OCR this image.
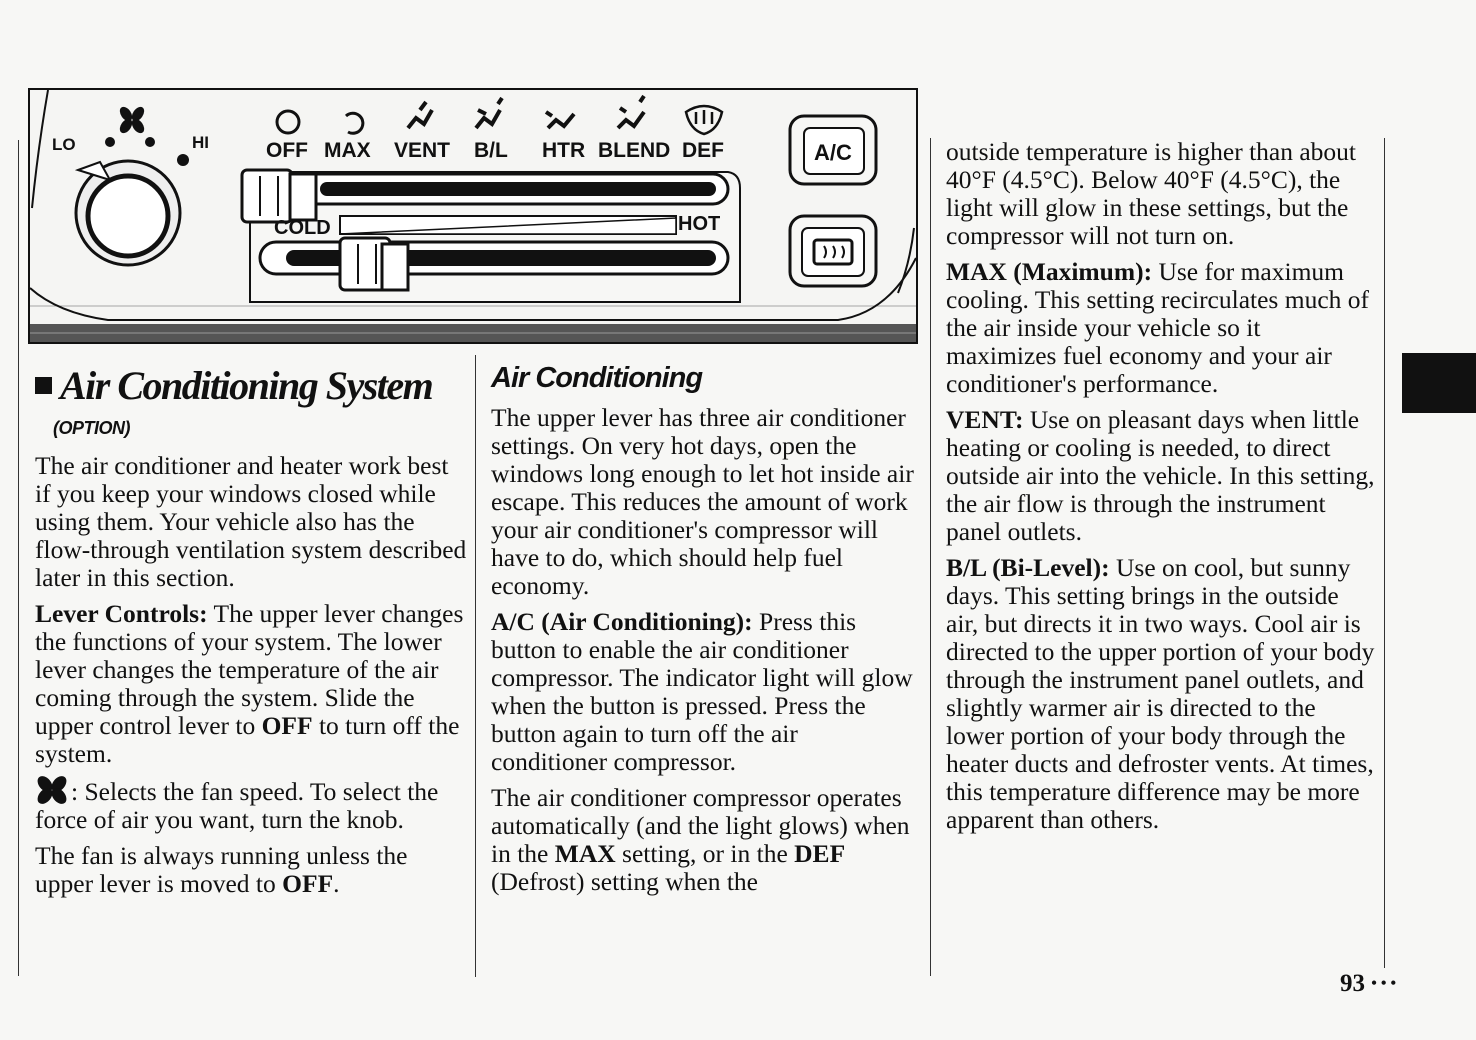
LO	HI	OFF MAX VENT B/L HTR BLEND DEF
COLD	HOT
A/C
Air Conditioning System
(OPTION)

The air conditioner and heater work best if you keep your windows closed while using them. Your vehicle also has the flow-through ventilation system described later in this section.

Lever Controls: The upper lever changes the functions of your system. The lower lever changes the temperature of the air coming through the system. Slide the upper control lever to OFF to turn off the system.

: Selects the fan speed. To select the force of air you want, turn the knob.

The fan is always running unless the upper lever is moved to OFF.

Air Conditioning

The upper lever has three air conditioner settings. On very hot days, open the windows long enough to let hot inside air escape. This reduces the amount of work your air conditioner's compressor will have to do, which should help fuel economy.

A/C (Air Conditioning): Press this button to enable the air conditioner compressor. The indicator light will glow when the button is pressed. Press the button again to turn off the air conditioner compressor.

The air conditioner compressor operates automatically (and the light glows) when in the MAX setting, or in the DEF (Defrost) setting when the

outside temperature is higher than about 40°F (4.5°C). Below 40°F (4.5°C), the light will glow in these settings, but the compressor will not turn on.

MAX (Maximum): Use for maximum cooling. This setting recirculates much of the air inside your vehicle so it maximizes fuel economy and your air conditioner's performance.

VENT: Use on pleasant days when little heating or cooling is needed, to direct outside air into the vehicle. In this setting, the air flow is through the instrument panel outlets.

B/L (Bi-Level): Use on cool, but sunny days. This setting brings in the outside air, but directs it in two ways. Cool air is directed to the upper portion of your body through the instrument panel outlets, and slightly warmer air is directed to the lower portion of your body through the heater ducts and defroster vents. At times, this temperature difference may be more apparent than others.

93 • • •
